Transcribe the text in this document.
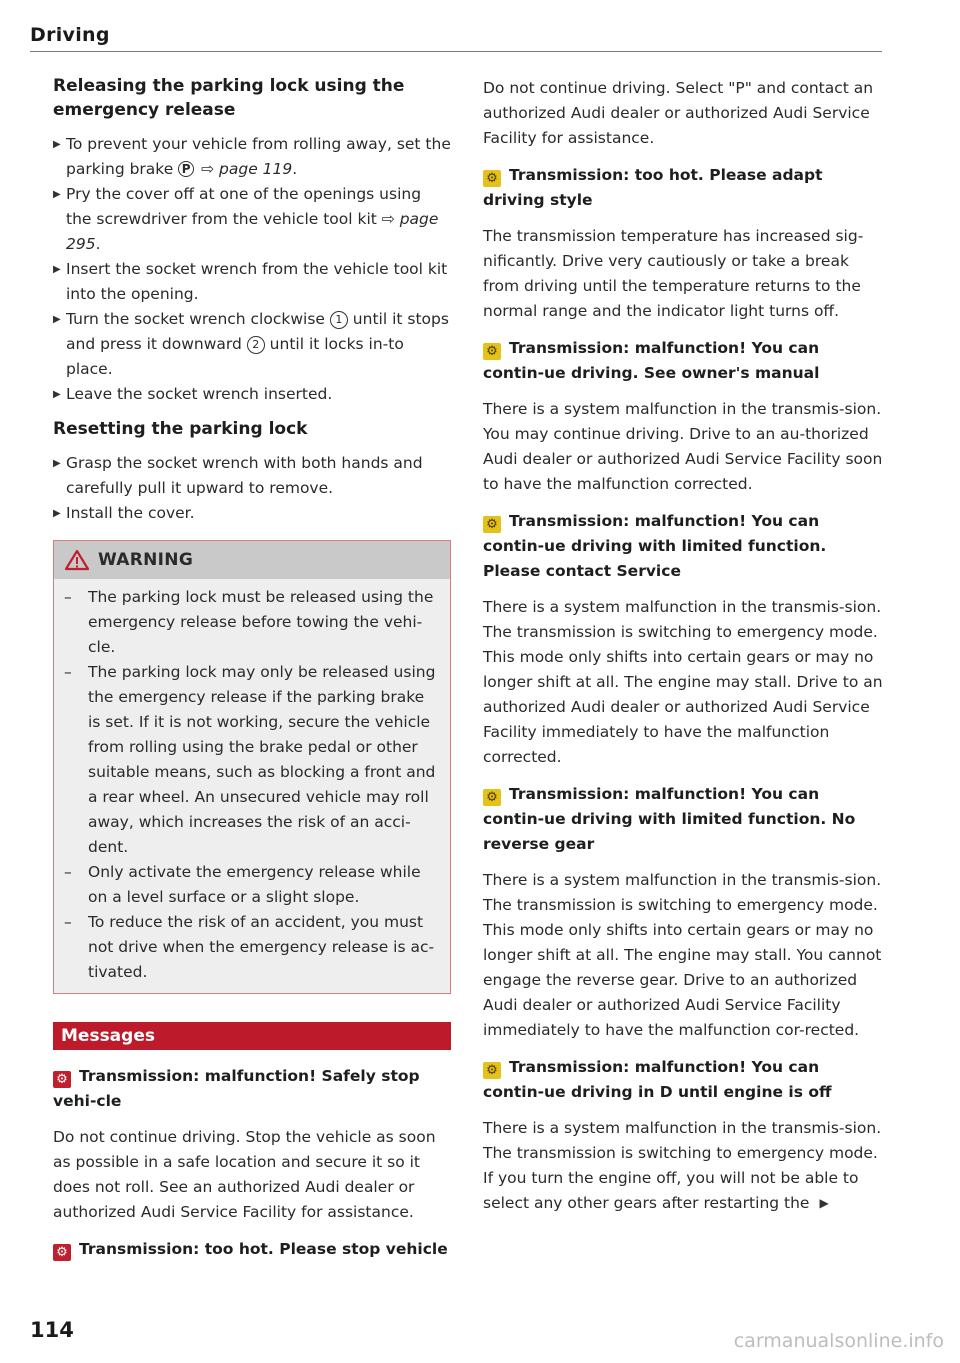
Driving
Releasing the parking lock using the emergency release
▶ To prevent your vehicle from rolling away, set the parking brake P ⇨ page 119.
▶ Pry the cover off at one of the openings using the screwdriver from the vehicle tool kit ⇨ page 295.
▶ Insert the socket wrench from the vehicle tool kit into the opening.
▶ Turn the socket wrench clockwise 1 until it stops and press it downward 2 until it locks in-to place.
▶ Leave the socket wrench inserted.
Resetting the parking lock
▶ Grasp the socket wrench with both hands and carefully pull it upward to remove.
▶ Install the cover.
WARNING
– The parking lock must be released using the emergency release before towing the vehi-cle.
– The parking lock may only be released using the emergency release if the parking brake is set. If it is not working, secure the vehicle from rolling using the brake pedal or other suitable means, such as blocking a front and a rear wheel. An unsecured vehicle may roll away, which increases the risk of an acci-dent.
– Only activate the emergency release while on a level surface or a slight slope.
– To reduce the risk of an accident, you must not drive when the emergency release is ac-tivated.
Messages

⚙ Transmission: malfunction! Safely stop vehi-cle

Do not continue driving. Stop the vehicle as soon as possible in a safe location and secure it so it does not roll. See an authorized Audi dealer or authorized Audi Service Facility for assistance.

⚙ Transmission: too hot. Please stop vehicle

Do not continue driving. Select "P" and contact an authorized Audi dealer or authorized Audi Service Facility for assistance.

⚙ Transmission: too hot. Please adapt driving style

The transmission temperature has increased sig-nificantly. Drive very cautiously or take a break from driving until the temperature returns to the normal range and the indicator light turns off.

⚙ Transmission: malfunction! You can contin-ue driving. See owner's manual

There is a system malfunction in the transmis-sion. You may continue driving. Drive to an au-thorized Audi dealer or authorized Audi Service Facility soon to have the malfunction corrected.

⚙ Transmission: malfunction! You can contin-ue driving with limited function. Please contact Service

There is a system malfunction in the transmis-sion. The transmission is switching to emergency mode. This mode only shifts into certain gears or may no longer shift at all. The engine may stall. Drive to an authorized Audi dealer or authorized Audi Service Facility immediately to have the malfunction corrected.

⚙ Transmission: malfunction! You can contin-ue driving with limited function. No reverse gear

There is a system malfunction in the transmis-sion. The transmission is switching to emergency mode. This mode only shifts into certain gears or may no longer shift at all. The engine may stall. You cannot engage the reverse gear. Drive to an authorized Audi dealer or authorized Audi Service Facility immediately to have the malfunction cor-rected.

⚙ Transmission: malfunction! You can contin-ue driving in D until engine is off

There is a system malfunction in the transmis-sion. The transmission is switching to emergency mode. If you turn the engine off, you will not be able to select any other gears after restarting the ▶

114	carmanualsonline.info
